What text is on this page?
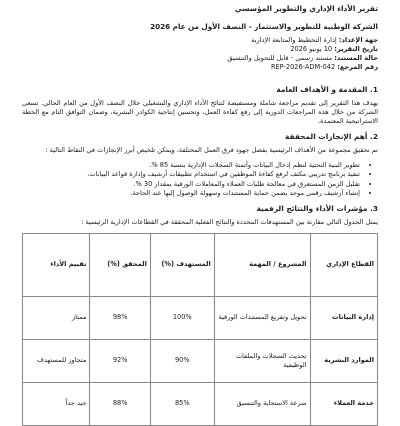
تقرير الأداء الإداري والتطوير المؤسسي
الشركة الوطنية للتطوير والاستثمار - النصف الأول من عام 2026
جهة الإعداد: إدارة التخطيط والمتابعة الإدارية
تاريخ التقرير: 10 يونيو 2026
حالة المستند: مستند رسمي - قابل للتحويل والتنسيق
رقم المرجع: REP-2026-ADM-042
1. المقدمة و الأهداف العامة

يهدف هذا التقرير إلى تقديم مراجعة شاملة ومستفيضة لنتائج الأداء الإداري والتشغيلي خلال النصف الأول من العام الحالي. تسعى الشركة من خلال هذه المراجعات الدورية إلى رفع كفاءة العمل، وتحسين إنتاجية الكوادر البشرية، وضمان التوافق التام مع الخطة الاستراتيجية المعتمدة.

2. أهم الإنجازات المحققة

تم تحقيق مجموعة من الأهداف الرئيسية بفضل جهود فرق العمل المختلفة، ويمكن تلخيص أبرز الإنجازات في النقاط التالية :

• تطوير البنية التحتية لنظم إدخال البيانات وأتمتة السجلات الإدارية بنسبة 85 %.
• تنفيذ برنامج تدريبي مكثف لرفع كفاءة الموظفين في استخدام تطبيقات أرشيف وإدارة قواعد البيانات.
• تقليل الزمن المستغرق في معالجة طلبات العملاء والمعاملات الورقية بمقدار 30 %.
• إنشاء أرشيف رقمي موحد يضمن حماية المستندات وسهولة الوصول إليها عند الحاجة.
3. مؤشرات الأداء والنتائج الرقمية

يمثل الجدول التالي مقارنة بين المستهدفات المحددة والنتائج الفعلية المحققة في القطاعات الإدارية الرئيسية :

القطاع الإداري	المشروع / المهمة	المستهدف (%)	المحقق (%)	تقييم الأداء
إدارة البيانات	تحويل وتفريغ المستندات الورقية	100%	98%	ممتاز
الموارد البشرية	تحديث السجلات والملفات الوظيفية	90%	92%	متجاوز للمستهدف
خدمة العملاء	سرعة الاستجابة والتنسيق	85%	88%	جيد جداً
